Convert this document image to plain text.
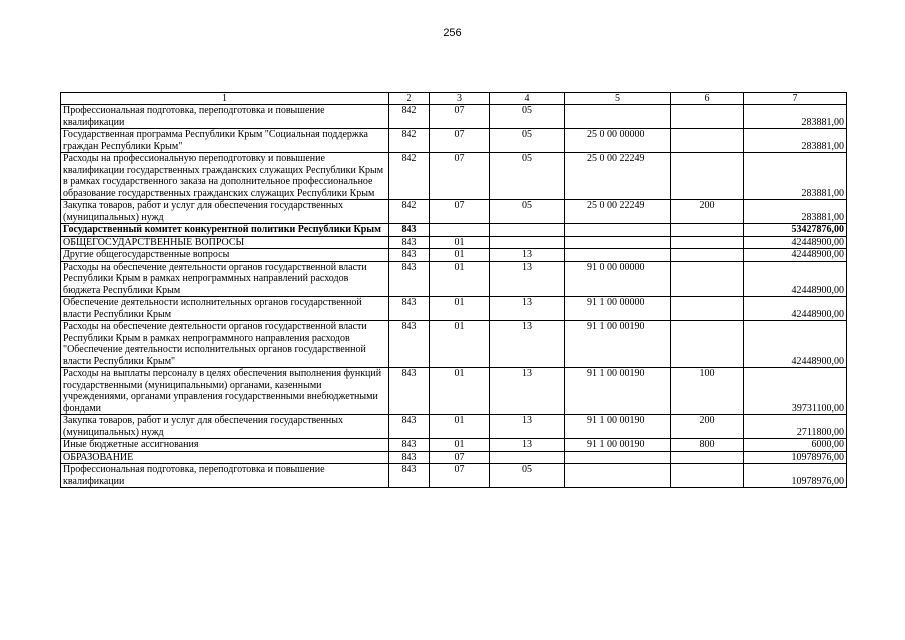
256
1	2	3	4	5	6	7
Профессиональная подготовка, переподготовка и повышение квалификации	842	07	05			283881,00
Государственная программа Республики Крым "Социальная поддержка граждан Республики Крым"	842	07	05	25 0 00 00000		283881,00
Расходы на профессиональную переподготовку и повышение квалификации государственных гражданских служащих Республики Крым в рамках государственного заказа на дополнительное профессиональное образование государственных гражданских служащих Республики Крым	842	07	05	25 0 00 22249		283881,00
Закупка товаров, работ и услуг для обеспечения государственных (муниципальных) нужд	842	07	05	25 0 00 22249	200	283881,00
Государственный комитет конкурентной политики Республики Крым	843					53427876,00
ОБЩЕГОСУДАРСТВЕННЫЕ ВОПРОСЫ	843	01				42448900,00
Другие общегосударственные вопросы	843	01	13			42448900,00
Расходы на обеспечение деятельности органов государственной власти Республики Крым в рамках непрограммных направлений расходов бюджета Республики Крым	843	01	13	91 0 00 00000		42448900,00
Обеспечение деятельности исполнительных органов государственной власти Республики Крым	843	01	13	91 1 00 00000		42448900,00
Расходы на обеспечение деятельности органов государственной власти Республики Крым в рамках непрограммного направления расходов "Обеспечение деятельности исполнительных органов государственной власти Республики Крым"	843	01	13	91 1 00 00190		42448900,00
Расходы на выплаты персоналу в целях обеспечения выполнения функций государственными (муниципальными) органами, казенными учреждениями, органами управления государственными внебюджетными фондами	843	01	13	91 1 00 00190	100	39731100,00
Закупка товаров, работ и услуг для обеспечения государственных (муниципальных) нужд	843	01	13	91 1 00 00190	200	2711800,00
Иные бюджетные ассигнования	843	01	13	91 1 00 00190	800	6000,00
ОБРАЗОВАНИЕ	843	07				10978976,00
Профессиональная подготовка, переподготовка и повышение квалификации	843	07	05			10978976,00
